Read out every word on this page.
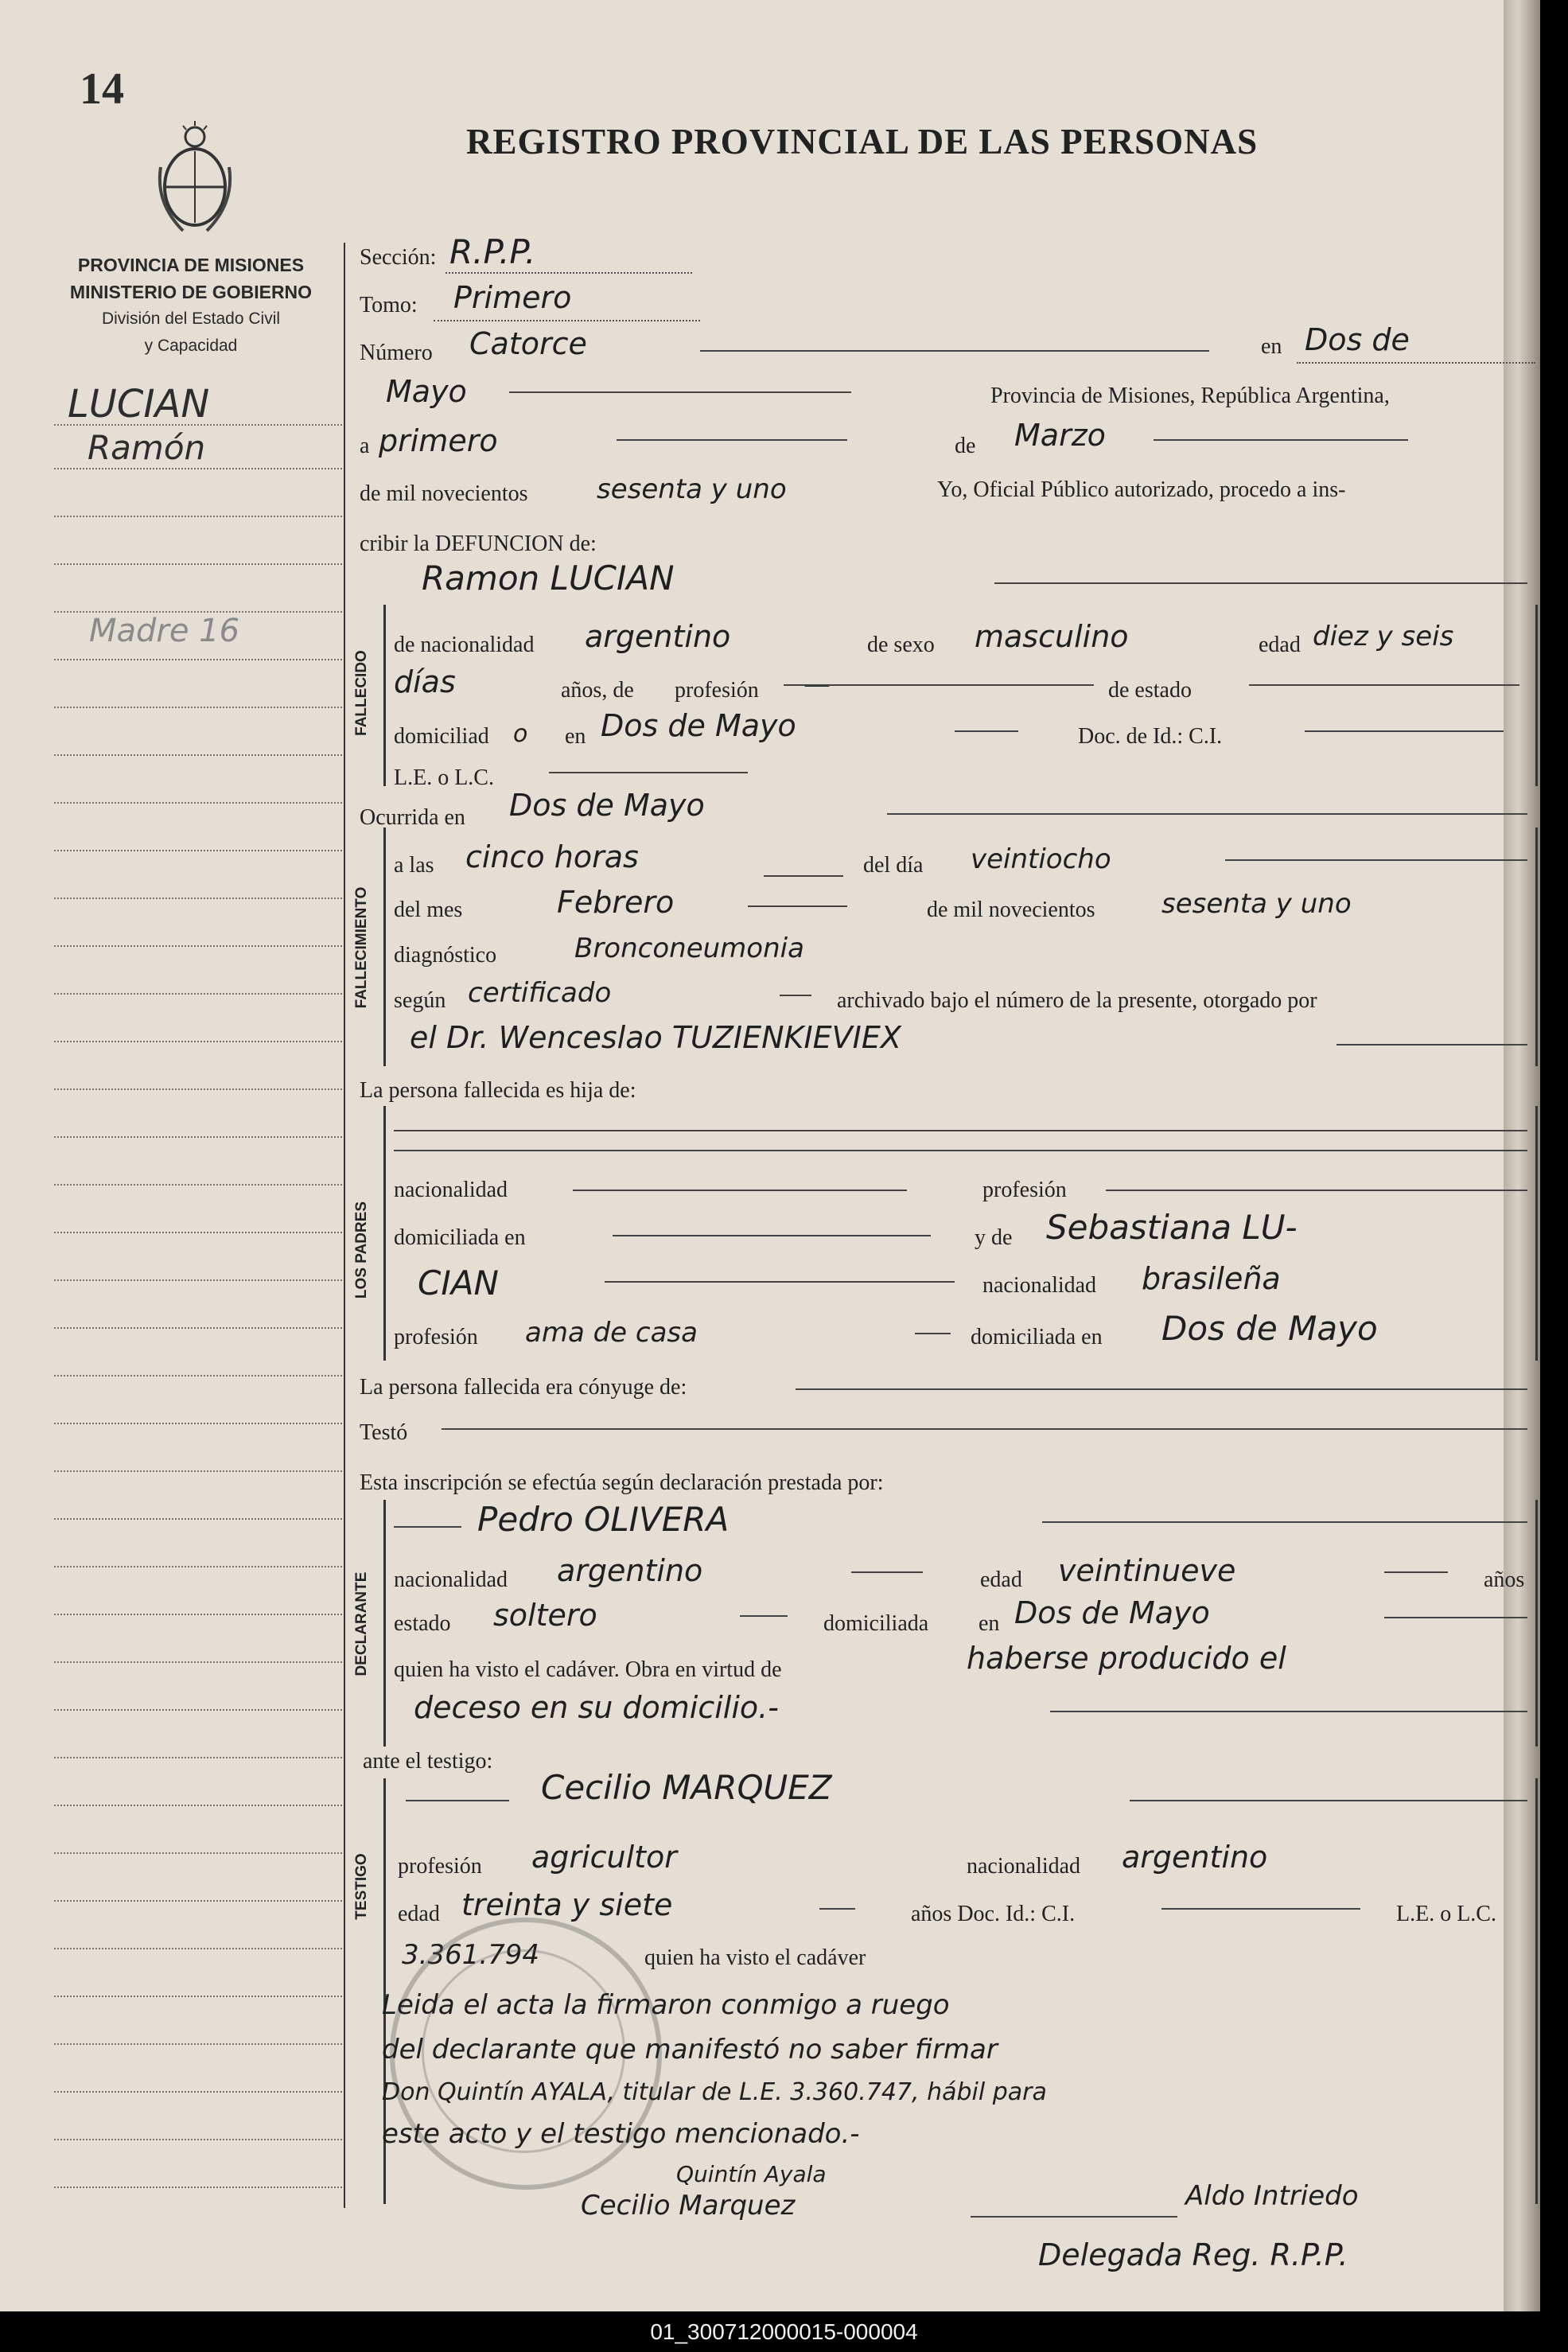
14
REGISTRO PROVINCIAL DE LAS PERSONAS
PROVINCIA DE MISIONES
MINISTERIO DE GOBIERNO
División del Estado Civil
y Capacidad
LUCIAN
Ramón
Madre 16
Sección: R.P.P.
Tomo: Primero
Número Catorce	en Dos de
Mayo	Provincia de Misiones, República Argentina,
a primero	de Marzo
de mil novecientos	sesenta y uno	Yo, Oficial Público autorizado, procedo a ins-
cribir la DEFUNCION de:
Ramon LUCIAN
FALLECIDO
de nacionalidad argentino	de sexo masculino	edad diez y seis
días	años, de profesión —	de estado
domiciliad o en Dos de Mayo	Doc. de Id.: C.I.
L.E. o L.C.
Ocurrida en Dos de Mayo
FALLECIMIENTO
a las cinco horas	del día veintiocho
del mes	Febrero	de mil novecientos sesenta y uno
diagnóstico	Bronconeumonia
según certificado	archivado bajo el número de la presente, otorgado por
el Dr. Wenceslao TUZIENKIEVIEX
La persona fallecida es hija de:
LOS PADRES
nacionalidad	profesión
domiciliada en	y de Sebastiana LU-
CIAN	nacionalidad brasileña
profesión ama de casa	domiciliada en Dos de Mayo
La persona fallecida era cónyuge de:
Testó
Esta inscripción se efectúa según declaración prestada por:
DECLARANTE
Pedro OLIVERA
nacionalidad argentino	edad veintinueve	años
estado soltero	domiciliada en Dos de Mayo
quien ha visto el cadáver. Obra en virtud de	haberse producido el
deceso en su domicilio.-
ante el testigo:
TESTIGO
Cecilio MARQUEZ
profesión agricultor	nacionalidad argentino
edad treinta y siete	años Doc. Id.: C.I.	L.E. o L.C.
3.361.794	quien ha visto el cadáver
Leida el acta la firmaron conmigo a ruego
del declarante que manifestó no saber firmar
Don Quintín AYALA, titular de L.E. 3.360.747, hábil para
este acto y el testigo mencionado.-
Quintín Ayala
Cecilio Marquez	Aldo Intriedo
Delegada Reg. R.P.P.
01_300712000015-000004
